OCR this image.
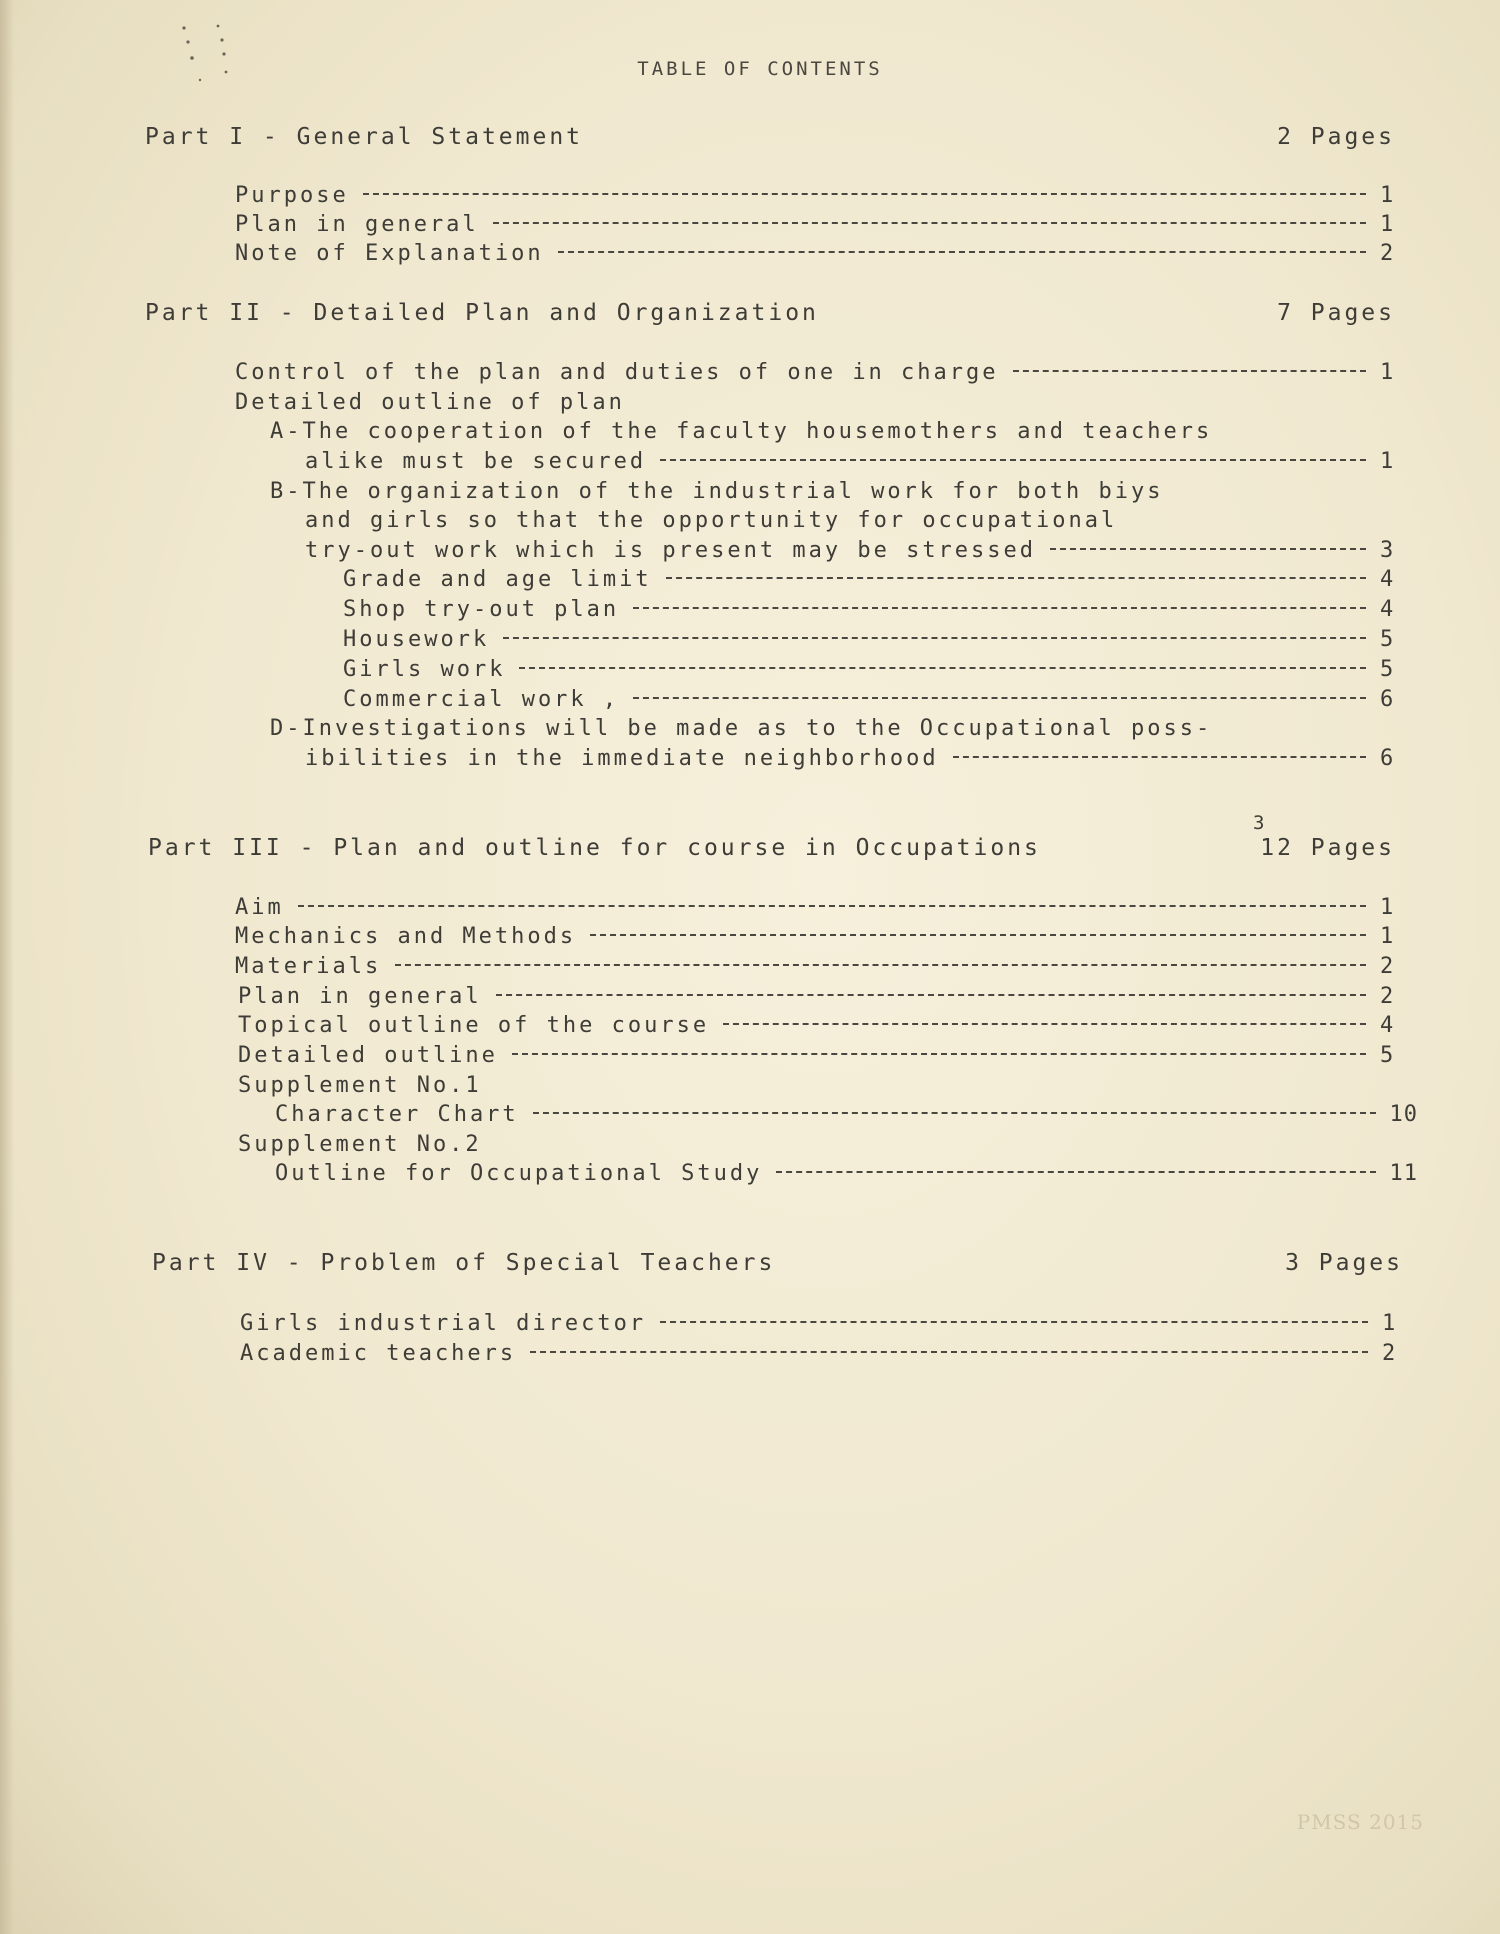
TABLE OF CONTENTS
Part I - General Statement	2 Pages
Purpose	1
Plan in general	1
Note of Explanation	2
Part II - Detailed Plan and Organization	7 Pages
Control of the plan and duties of one in charge	1
Detailed outline of plan
A-The cooperation of the faculty housemothers and teachers
alike must be secured	1
B-The organization of the industrial work for both biys
and girls so that the opportunity for occupational
try-out work which is present may be stressed	3
Grade and age limit	4
Shop try-out plan	4
Housework	5
Girls work	5
Commercial work ,	6
D-Investigations will be made as to the Occupational poss-
ibilities in the immediate neighborhood	6
Part III - Plan and outline for course in Occupations	12 Pages
3
Aim	1
Mechanics and Methods	1
Materials	2
Plan in general	2
Topical outline of the course	4
Detailed outline	5
Supplement No.1
Character Chart	10
Supplement No.2
Outline for Occupational Study	11
Part IV - Problem of Special Teachers	3 Pages
Girls industrial director	1
Academic teachers	2
PMSS 2015
